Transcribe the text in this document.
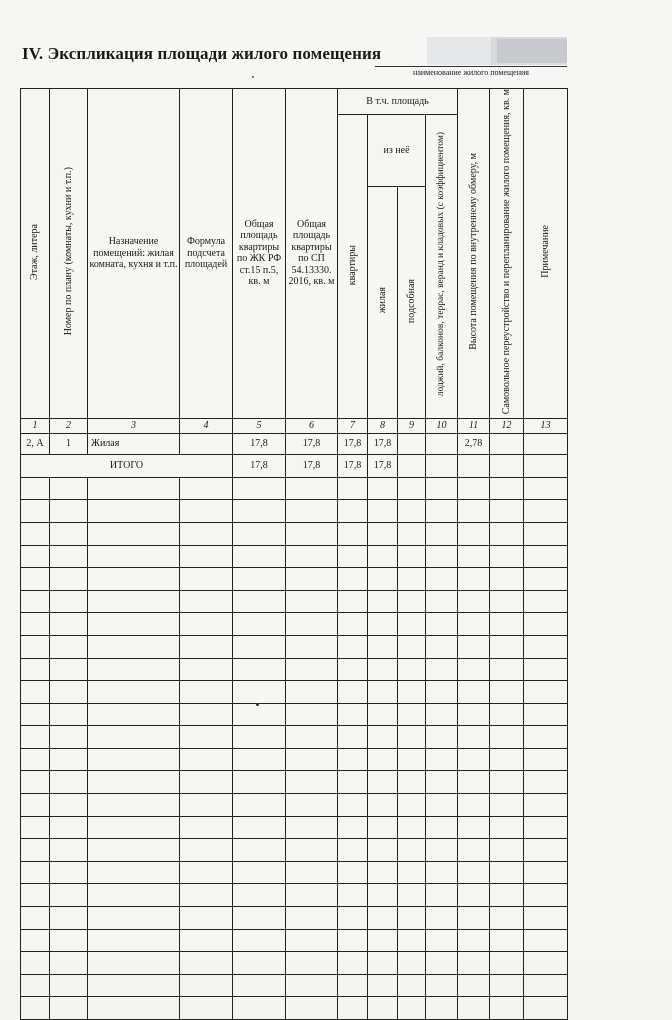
IV. Экспликация площади жилого помещения
наименование жилого помещения
Этаж, литера	Номер по плану (комнаты, кухни и т.п.)	Назначение помещений: жилая комната, кухня и т.п.	Формула подсчета площадей	Общая площадь квартиры по ЖК РФ ст.15 п.5, кв. м	Общая площадь квартиры по СП 54.13330. 2016, кв. м	В т.ч. площадь				Высота помещения по внутреннему обмеру, м	Самовольное переустройство и перепланирование жилого помещения, кв. м	Примечание
						квартиры	из неё		лоджий, балконов, террас, веранд и кладовых (с коэффициентом)			
							жилая	подсобная				
1	2	3	4	5	6	7	8	9	10	11	12	13
2, А	1	Жилая		17,8	17,8	17,8	17,8			2,78		
ИТОГО				17,8	17,8	17,8	17,8					
